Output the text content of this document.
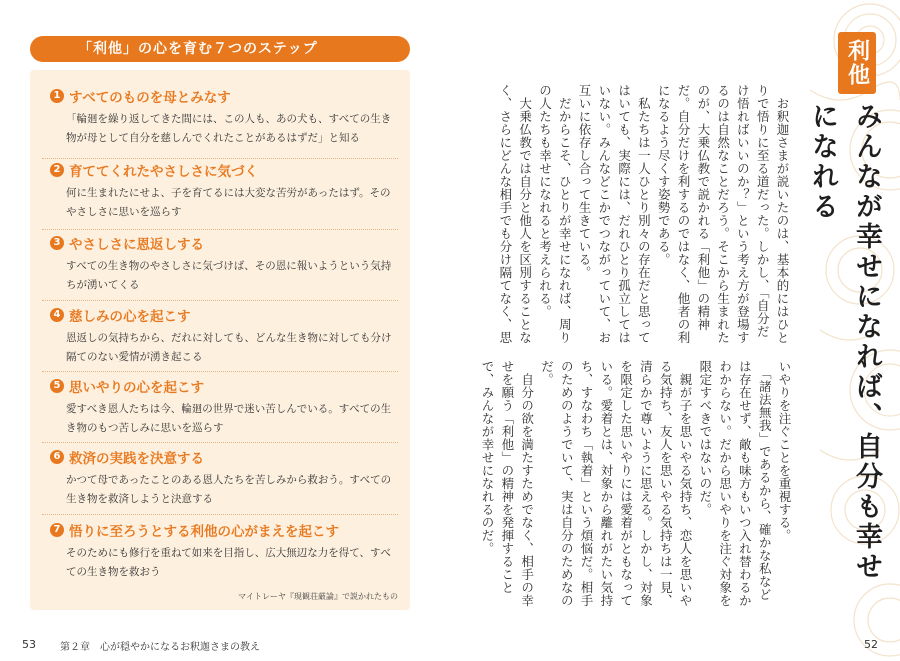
「利他」の心を育む７つのステップ
1 すべてのものを母とみなす
「輪廻を繰り返してきた間には、この人も、あの犬も、すべての生き物が母として自分を慈しんでくれたことがあるはずだ」と知る
2 育ててくれたやさしさに気づく
何に生まれたにせよ、子を育てるには大変な苦労があったはず。そのやさしさに思いを巡らす
3 やさしさに恩返しする
すべての生き物のやさしさに気づけば、その恩に報いようという気持ちが湧いてくる
4 慈しみの心を起こす
恩返しの気持ちから、だれに対しても、どんな生き物に対しても分け隔てのない愛情が湧き起こる
5 思いやりの心を起こす
愛すべき恩人たちは今、輪廻の世界で迷い苦しんでいる。すべての生き物のもつ苦しみに思いを巡らす
6 救済の実践を決意する
かつて母であったことのある恩人たちを苦しみから救おう。すべての生き物を救済しようと決意する
7 悟りに至ろうとする利他の心がまえを起こす
そのためにも修行を重ねて如来を目指し、広大無辺な力を得て、すべての生き物を救おう
マイトレーヤ『現観荘厳論』で説かれたもの
53 第２章　心が穏やかになるお釈迦さまの教え
利他
みんなが幸せになれば、自分も幸せになれる
　お釈迦さまが説いたのは、基本的にはひとりで悟りに至る道だった。しかし、「自分だけ悟ればいいのか？」という考え方が登場するのは自然なことだろう。そこから生まれたのが、大乗仏教で説かれる「利他」の精神だ。自分だけを利するのではなく、他者の利になるよう尽くす姿勢である。
　私たちは一人ひとり別々の存在だと思ってはいても、実際には、だれひとり孤立してはいない。みんなどこかでつながっていて、お互いに依存し合って生きている。
　だからこそ、ひとりが幸せになれば、周りの人たちも幸せになれると考えられる。
　大乗仏教では自分と他人を区別することなく、さらにどんな相手でも分け隔てなく、思
いやりを注ぐことを重視する。
　「諸法無我」であるから、確かな私などは存在せず、敵も味方もいつ入れ替わるかわからない。だから思いやりを注ぐ対象を限定すべきではないのだ。
　親が子を思いやる気持ち、恋人を思いやる気持ち、友人を思いやる気持ちは一見、清らかで尊いように思える。しかし、対象を限定した思いやりには愛着がともなっている。愛着とは、対象から離れがたい気持ち、すなわち「執着」という煩悩だ。相手のためのようでいて、実は自分のためなのだ。
　自分の欲を満たすためでなく、相手の幸せを願う「利他」の精神を発揮することで、みんなが幸せになれるのだ。
52
